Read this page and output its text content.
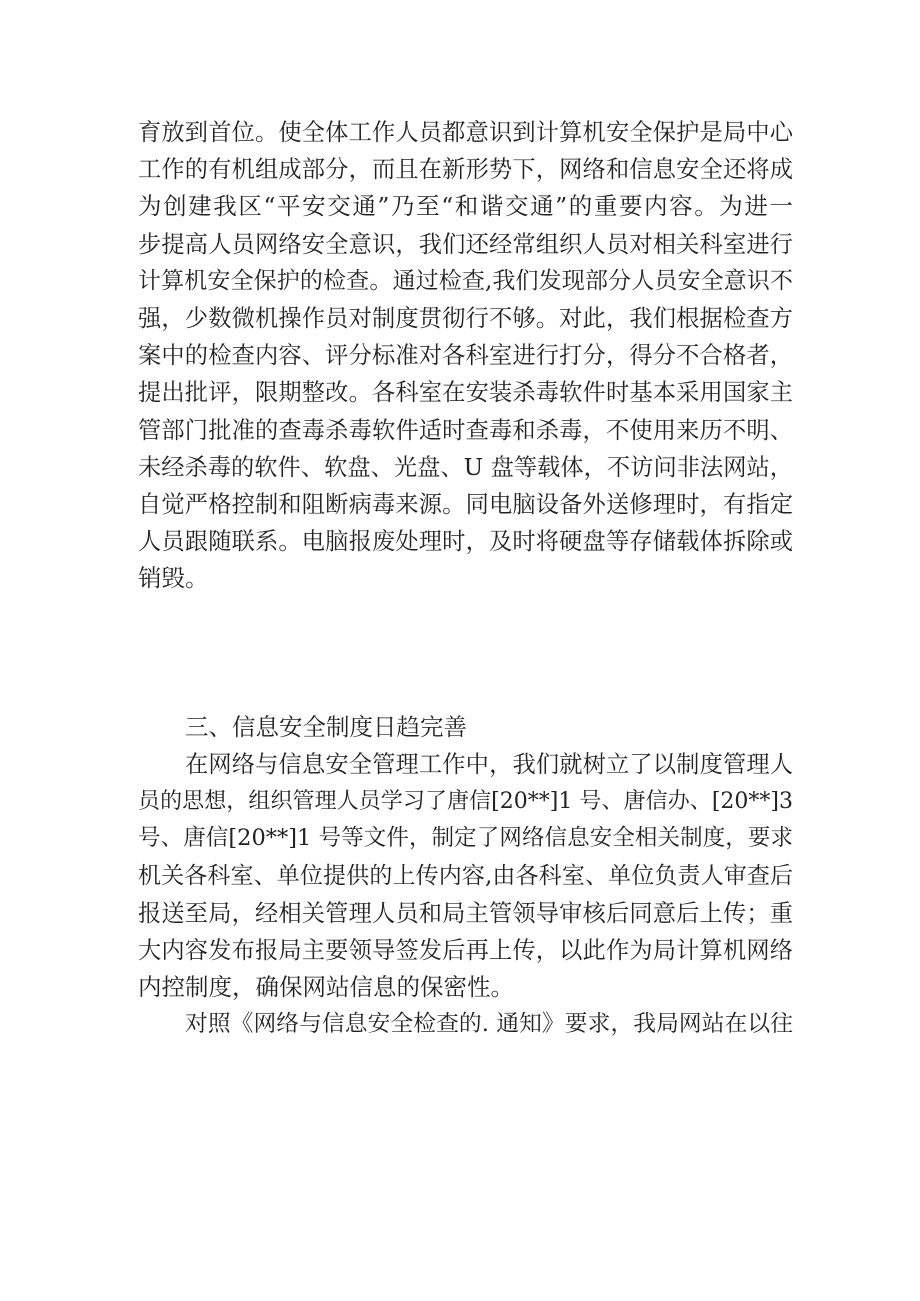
育放到首位。使全体工作人员都意识到计算机安全保护是局中心
工作的有机组成部分，而且在新形势下，网络和信息安全还将成
为创建我区“平安交通”乃至“和谐交通”的重要内容。为进一
步提高人员网络安全意识，我们还经常组织人员对相关科室进行
计算机安全保护的检查。通过检查,我们发现部分人员安全意识不
强，少数微机操作员对制度贯彻行不够。对此，我们根据检查方
案中的检查内容、评分标准对各科室进行打分，得分不合格者，
提出批评，限期整改。各科室在安装杀毒软件时基本采用国家主
管部门批准的查毒杀毒软件适时查毒和杀毒，不使用来历不明、
未经杀毒的软件、软盘、光盘、U 盘等载体，不访问非法网站，
自觉严格控制和阻断病毒来源。同电脑设备外送修理时，有指定
人员跟随联系。电脑报废处理时，及时将硬盘等存储载体拆除或
销毁。
三、信息安全制度日趋完善
在网络与信息安全管理工作中，我们就树立了以制度管理人
员的思想，组织管理人员学习了唐信[20**]1 号、唐信办、[20**]3
号、唐信[20**]1 号等文件，制定了网络信息安全相关制度，要求
机关各科室、单位提供的上传内容,由各科室、单位负责人审查后
报送至局，经相关管理人员和局主管领导审核后同意后上传；重
大内容发布报局主要领导签发后再上传，以此作为局计算机网络
内控制度，确保网站信息的保密性。
对照《网络与信息安全检查的. 通知》要求，我局网站在以往
